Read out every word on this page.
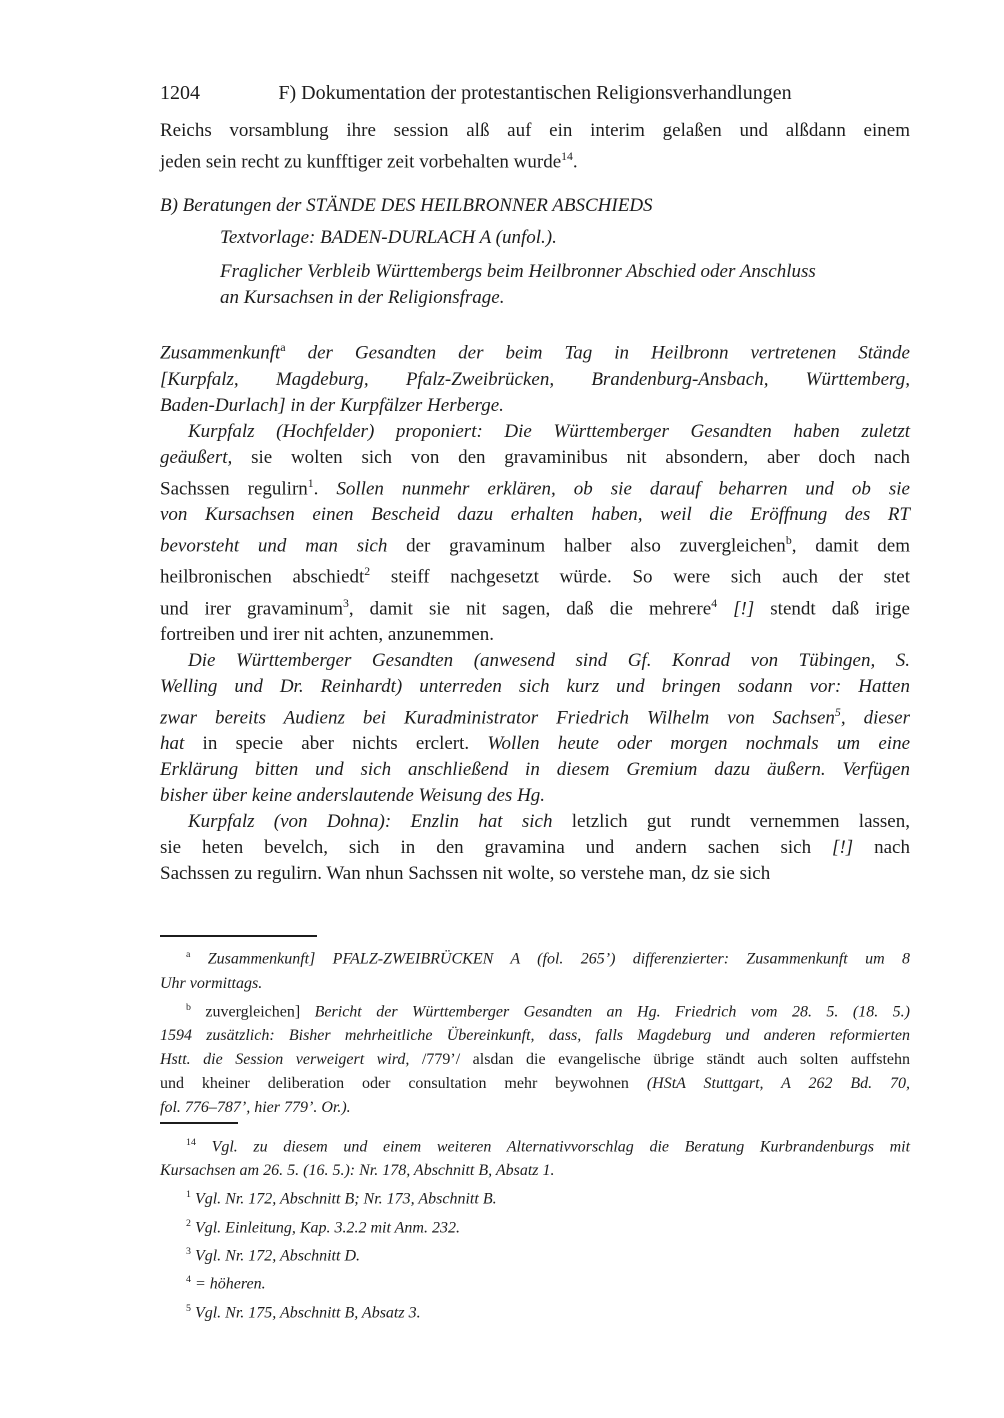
1204	F) Dokumentation der protestantischen Religionsverhandlungen
Reichs vorsamblung ihre session alß auf ein interim gelaßen und alßdann einem
jeden sein recht zu kunfftiger zeit vorbehalten wurde$^{14}$.
B) Beratungen der STÄNDE DES HEILBRONNER ABSCHIEDS
Textvorlage: BADEN-DURLACH A (unfol.).
Fraglicher Verbleib Württembergs beim Heilbronner Abschied oder Anschluss
an Kursachsen in der Religionsfrage.
Zusammenkunft$^a$ der Gesandten der beim Tag in Heilbronn vertretenen Stände
[Kurpfalz, Magdeburg, Pfalz-Zweibrücken, Brandenburg-Ansbach, Württemberg,
Baden-Durlach] in der Kurpfälzer Herberge.
Kurpfalz (Hochfelder) proponiert: Die Württemberger Gesandten haben zuletzt
geäußert, sie wolten sich von den gravaminibus nit absondern, aber doch nach
Sachssen regulirn$^1$. Sollen nunmehr erklären, ob sie darauf beharren und ob sie
von Kursachsen einen Bescheid dazu erhalten haben, weil die Eröffnung des RT
bevorsteht und man sich der gravaminum halber also zuvergleichen$^b$, damit dem
heilbronischen abschiedt$^2$ steiff nachgesetzt würde. So were sich auch der stet
und irer gravaminum$^3$, damit sie nit sagen, daß die mehrere$^4$ [!] stendt daß irige
fortreiben und irer nit achten, anzunemmen.
Die Württemberger Gesandten (anwesend sind Gf. Konrad von Tübingen, S.
Welling und Dr. Reinhardt) unterreden sich kurz und bringen sodann vor: Hatten
zwar bereits Audienz bei Kuradministrator Friedrich Wilhelm von Sachsen$^5$, dieser
hat in specie aber nichts erclert. Wollen heute oder morgen nochmals um eine
Erklärung bitten und sich anschließend in diesem Gremium dazu äußern. Verfügen
bisher über keine anderslautende Weisung des Hg.
Kurpfalz (von Dohna): Enzlin hat sich letzlich gut rundt vernemmen lassen,
sie heten bevelch, sich in den gravamina und andern sachen sich [!] nach
Sachssen zu regulirn. Wan nhun Sachssen nit wolte, so verstehe man, dz sie sich
$^a$ Zusammenkunft] PFALZ-ZWEIBRÜCKEN A (fol. 265’) differenzierter: Zusammenkunft um 8
Uhr vormittags.
$^b$ zuvergleichen] Bericht der Württemberger Gesandten an Hg. Friedrich vom 28. 5. (18. 5.)
1594 zusätzlich: Bisher mehrheitliche Übereinkunft, dass, falls Magdeburg und anderen reformierten
Hstt. die Session verweigert wird, /779’/ alsdan die evangelische übrige ständt auch solten auffstehn
und kheiner deliberation oder consultation mehr beywohnen (HStA Stuttgart, A 262 Bd. 70,
fol. 776–787’, hier 779’. Or.).
$^{14}$ Vgl. zu diesem und einem weiteren Alternativvorschlag die Beratung Kurbrandenburgs mit
Kursachsen am 26. 5. (16. 5.): Nr. 178, Abschnitt B, Absatz 1.
$^1$ Vgl. Nr. 172, Abschnitt B; Nr. 173, Abschnitt B.
$^2$ Vgl. Einleitung, Kap. 3.2.2 mit Anm. 232.
$^3$ Vgl. Nr. 172, Abschnitt D.
$^4$ = höheren.
$^5$ Vgl. Nr. 175, Abschnitt B, Absatz 3.
